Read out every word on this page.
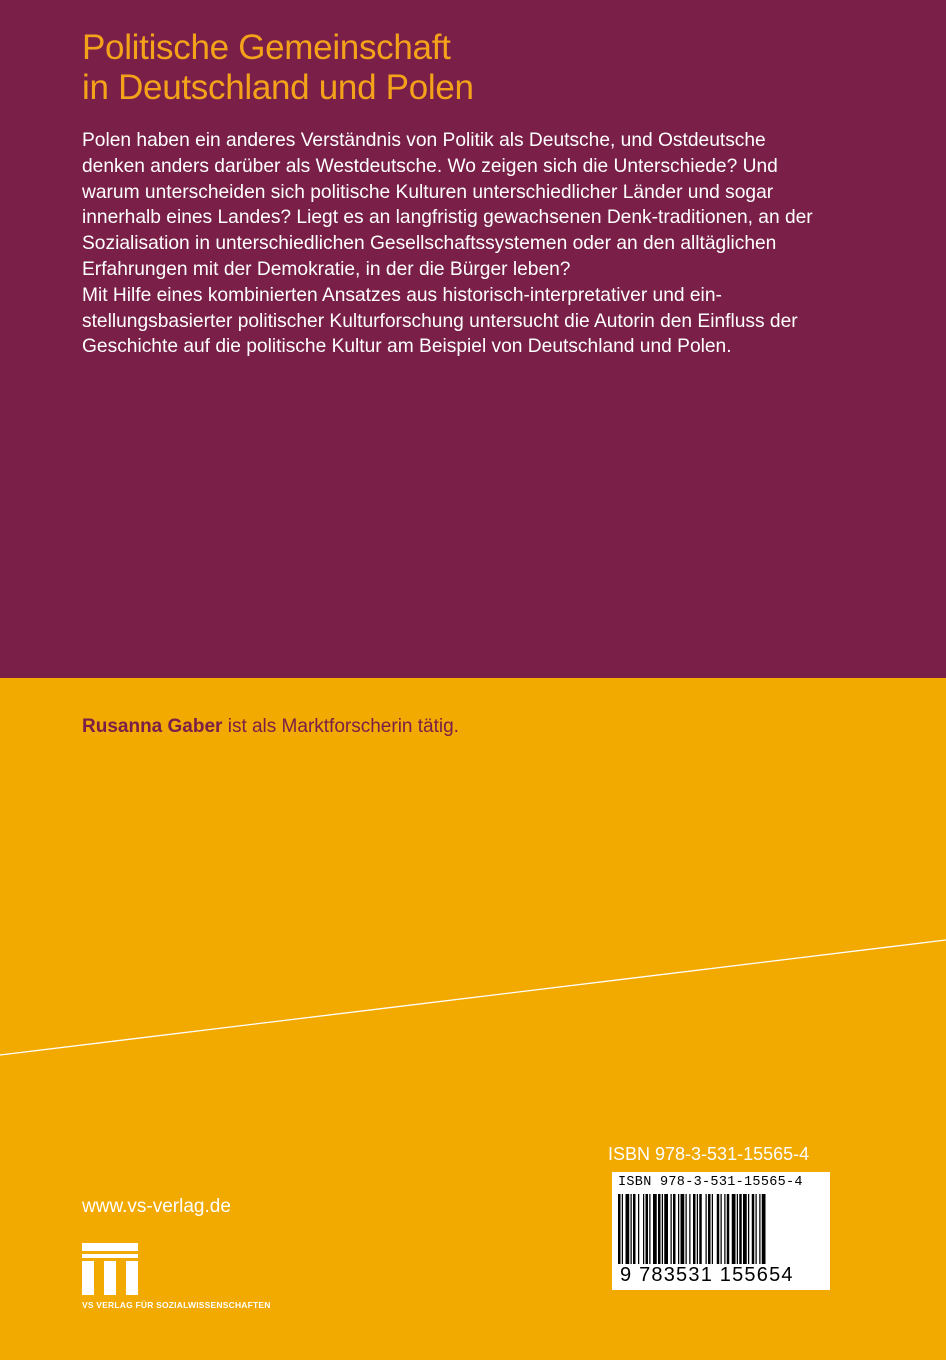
Politische Gemeinschaft
in Deutschland und Polen

Polen haben ein anderes Verständnis von Politik als Deutsche, und Ostdeutsche denken anders darüber als Westdeutsche. Wo zeigen sich die Unterschiede? Und warum unterscheiden sich politische Kulturen unterschiedlicher Länder und sogar innerhalb eines Landes? Liegt es an langfristig gewachsenen Denk-traditionen, an der Sozialisation in unterschiedlichen Gesellschaftssystemen oder an den alltäglichen Erfahrungen mit der Demokratie, in der die Bürger leben?

Mit Hilfe eines kombinierten Ansatzes aus historisch-interpretativer und ein-stellungsbasierter politischer Kulturforschung untersucht die Autorin den Einfluss der Geschichte auf die politische Kultur am Beispiel von Deutschland und Polen.

Rusanna Gaber ist als Marktforscherin tätig.

ISBN 978-3-531-15565-4

ISBN 978-3-531-15565-4

9 783531 155654

www.vs-verlag.de

VS VERLAG FÜR SOZIALWISSENSCHAFTEN
